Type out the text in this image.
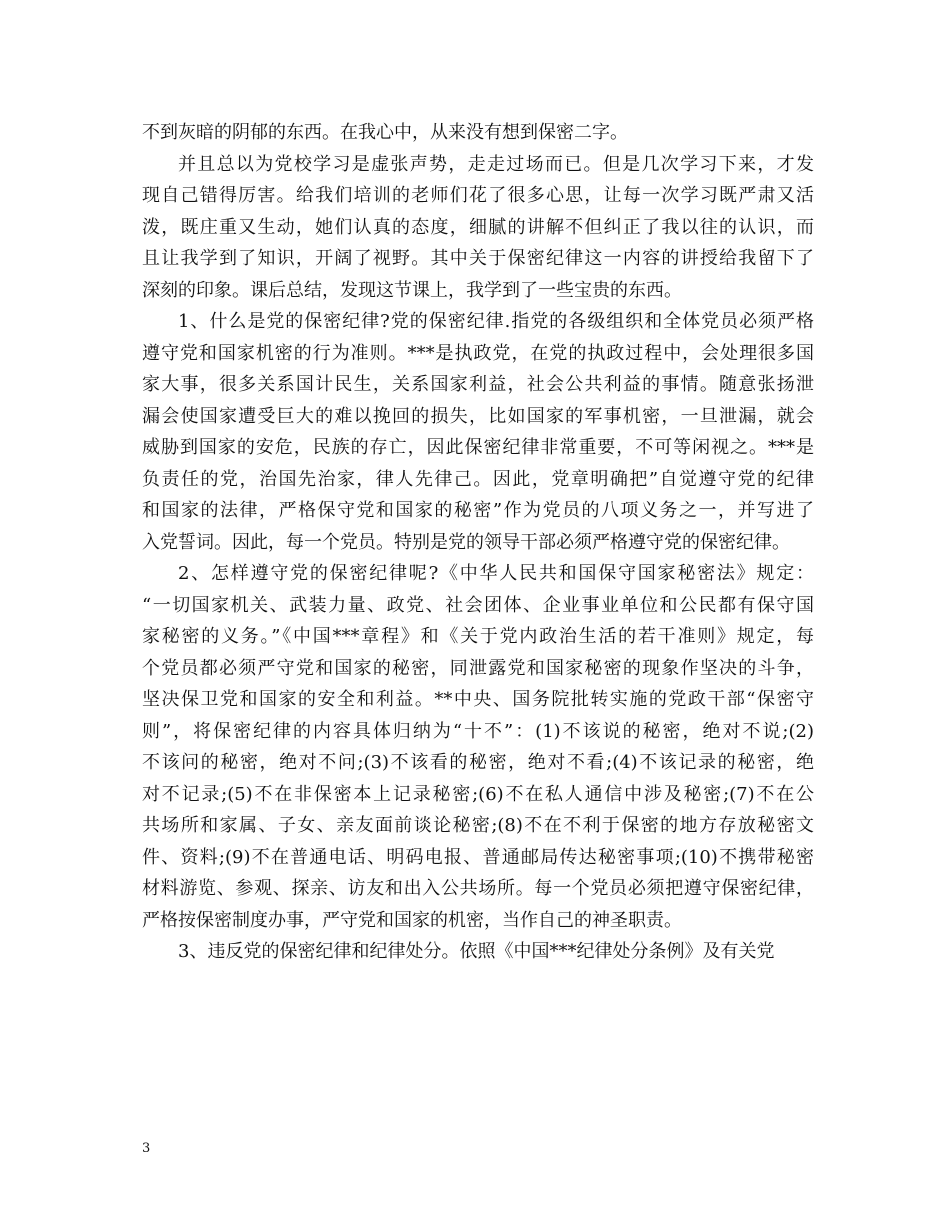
不到灰暗的阴郁的东西。在我心中，从来没有想到保密二字。
并且总以为党校学习是虚张声势，走走过场而已。但是几次学习下来，才发
现自己错得厉害。给我们培训的老师们花了很多心思，让每一次学习既严肃又活
泼，既庄重又生动，她们认真的态度，细腻的讲解不但纠正了我以往的认识，而
且让我学到了知识，开阔了视野。其中关于保密纪律这一内容的讲授给我留下了
深刻的印象。课后总结，发现这节课上，我学到了一些宝贵的东西。
1、什么是党的保密纪律?党的保密纪律.指党的各级组织和全体党员必须严格
遵守党和国家机密的行为准则。***是执政党，在党的执政过程中，会处理很多国
家大事，很多关系国计民生，关系国家利益，社会公共利益的事情。随意张扬泄
漏会使国家遭受巨大的难以挽回的损失，比如国家的军事机密，一旦泄漏，就会
威胁到国家的安危，民族的存亡，因此保密纪律非常重要，不可等闲视之。***是
负责任的党，治国先治家，律人先律己。因此，党章明确把”自觉遵守党的纪律
和国家的法律，严格保守党和国家的秘密”作为党员的八项义务之一，并写进了
入党誓词。因此，每一个党员。特别是党的领导干部必须严格遵守党的保密纪律。
2、怎样遵守党的保密纪律呢?《中华人民共和国保守国家秘密法》规定：
“一切国家机关、武装力量、政党、社会团体、企业事业单位和公民都有保守国
家秘密的义务。”《中国***章程》和《关于党内政治生活的若干准则》规定，每
个党员都必须严守党和国家的秘密，同泄露党和国家秘密的现象作坚决的斗争，
坚决保卫党和国家的安全和利益。**中央、国务院批转实施的党政干部“保密守
则”，将保密纪律的内容具体归纳为“十不”：(1)不该说的秘密，绝对不说;(2)
不该问的秘密，绝对不问;(3)不该看的秘密，绝对不看;(4)不该记录的秘密，绝
对不记录;(5)不在非保密本上记录秘密;(6)不在私人通信中涉及秘密;(7)不在公
共场所和家属、子女、亲友面前谈论秘密;(8)不在不利于保密的地方存放秘密文
件、资料;(9)不在普通电话、明码电报、普通邮局传达秘密事项;(10)不携带秘密
材料游览、参观、探亲、访友和出入公共场所。每一个党员必须把遵守保密纪律，
严格按保密制度办事，严守党和国家的机密，当作自己的神圣职责。
3、违反党的保密纪律和纪律处分。依照《中国***纪律处分条例》及有关党
3
